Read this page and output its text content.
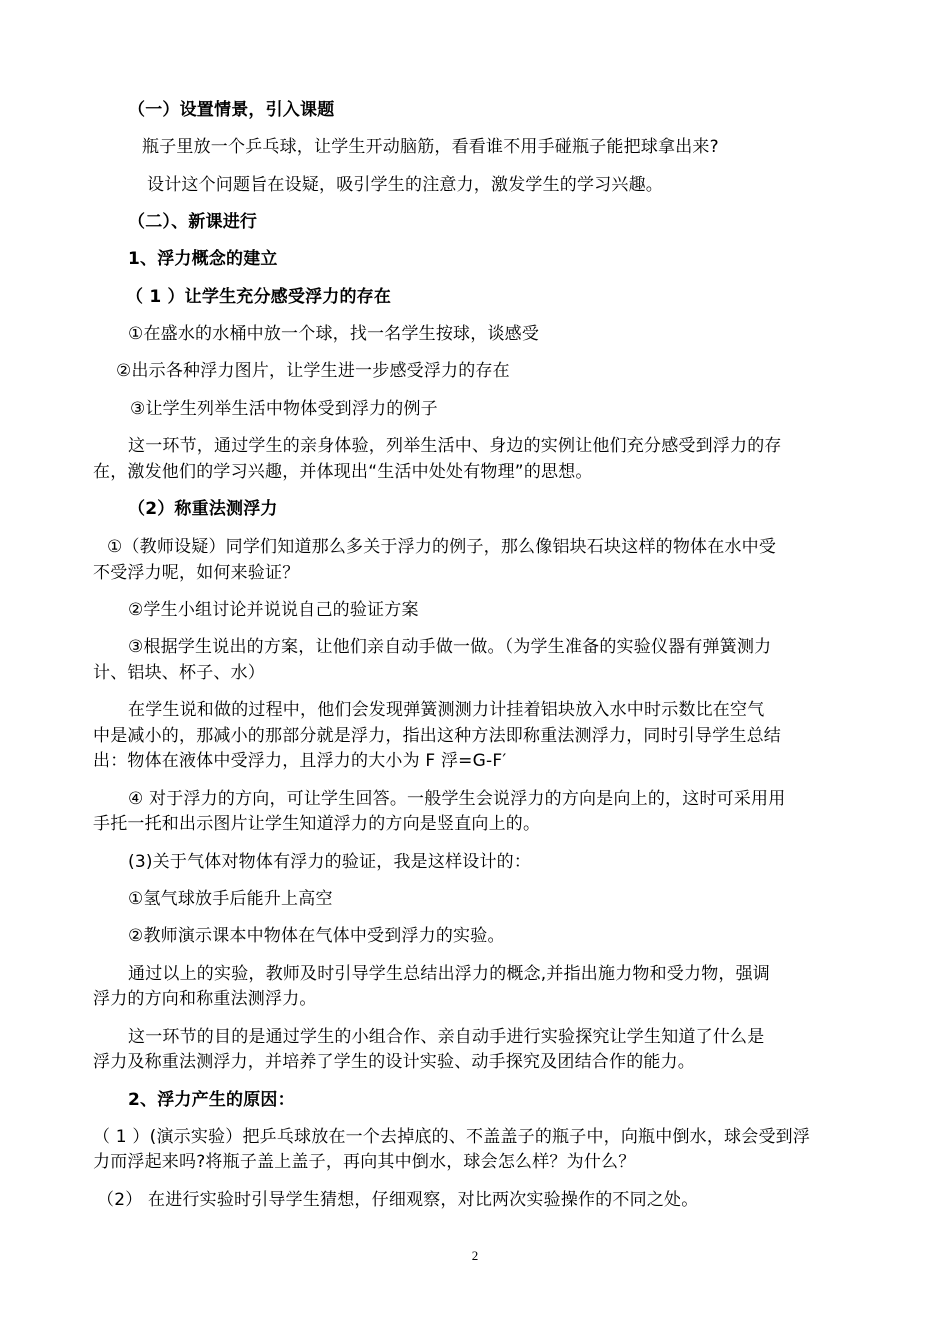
（一）设置情景，引入课题
瓶子里放一个乒乓球，让学生开动脑筋，看看谁不用手碰瓶子能把球拿出来?
设计这个问题旨在设疑，吸引学生的注意力，激发学生的学习兴趣。
（二）、新课进行
1、浮力概念的建立
（ 1 ）让学生充分感受浮力的存在
①在盛水的水桶中放一个球，找一名学生按球，谈感受
②出示各种浮力图片，让学生进一步感受浮力的存在
③让学生列举生活中物体受到浮力的例子
这一环节，通过学生的亲身体验，列举生活中、身边的实例让他们充分感受到浮力的存
在，激发他们的学习兴趣，并体现出“生活中处处有物理”的思想。
（2）称重法测浮力
①（教师设疑）同学们知道那么多关于浮力的例子，那么像铝块石块这样的物体在水中受
不受浮力呢，如何来验证？
②学生小组讨论并说说自己的验证方案
③根据学生说出的方案，让他们亲自动手做一做。（为学生准备的实验仪器有弹簧测力
计、铝块、杯子、水）
在学生说和做的过程中，他们会发现弹簧测测力计挂着铝块放入水中时示数比在空气
中是减小的，那减小的那部分就是浮力，指出这种方法即称重法测浮力，同时引导学生总结
出：物体在液体中受浮力，且浮力的大小为 F 浮=G-F′
④ 对于浮力的方向，可让学生回答。一般学生会说浮力的方向是向上的，这时可采用用
手托一托和出示图片让学生知道浮力的方向是竖直向上的。
(3)关于气体对物体有浮力的验证，我是这样设计的：
①氢气球放手后能升上高空
②教师演示课本中物体在气体中受到浮力的实验。
通过以上的实验，教师及时引导学生总结出浮力的概念,并指出施力物和受力物，强调
浮力的方向和称重法测浮力。
这一环节的目的是通过学生的小组合作、亲自动手进行实验探究让学生知道了什么是
浮力及称重法测浮力，并培养了学生的设计实验、动手探究及团结合作的能力。
2、浮力产生的原因：
（ 1 ）(演示实验）把乒乓球放在一个去掉底的、不盖盖子的瓶子中，向瓶中倒水，球会受到浮
力而浮起来吗?将瓶子盖上盖子，再向其中倒水，球会怎么样？为什么？
（2） 在进行实验时引导学生猜想，仔细观察，对比两次实验操作的不同之处。
2
